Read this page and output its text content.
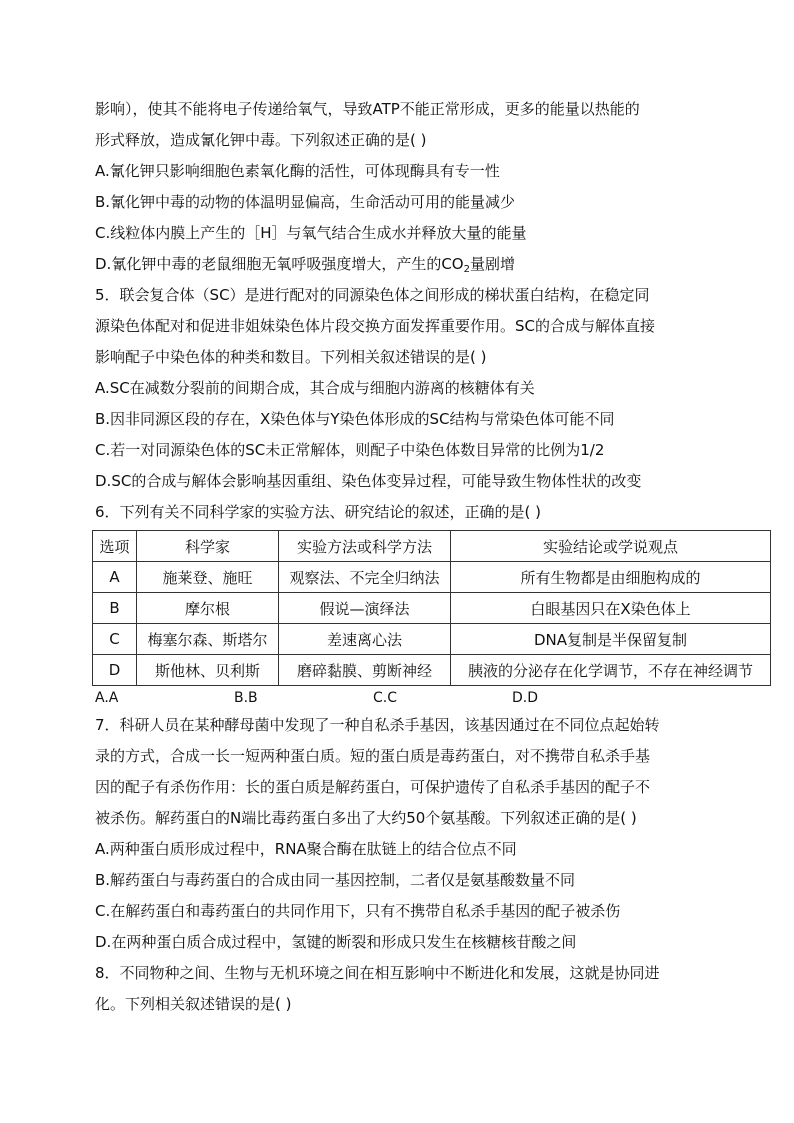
影响），使其不能将电子传递给氧气，导致ATP不能正常形成，更多的能量以热能的
形式释放，造成氰化钾中毒。下列叙述正确的是( )
A.氰化钾只影响细胞色素氧化酶的活性，可体现酶具有专一性
B.氰化钾中毒的动物的体温明显偏高，生命活动可用的能量减少
C.线粒体内膜上产生的［H］与氧气结合生成水并释放大量的能量
D.氰化钾中毒的老鼠细胞无氧呼吸强度增大，产生的$CO_2$量剧增
5．联会复合体（SC）是进行配对的同源染色体之间形成的梯状蛋白结构，在稳定同
源染色体配对和促进非姐妹染色体片段交换方面发挥重要作用。SC的合成与解体直接
影响配子中染色体的种类和数目。下列相关叙述错误的是( )
A.SC在减数分裂前的间期合成，其合成与细胞内游离的核糖体有关
B.因非同源区段的存在，X染色体与Y染色体形成的SC结构与常染色体可能不同
C.若一对同源染色体的SC未正常解体，则配子中染色体数目异常的比例为1/2
D.SC的合成与解体会影响基因重组、染色体变异过程，可能导致生物体性状的改变
6．下列有关不同科学家的实验方法、研究结论的叙述，正确的是( )
选项	科学家	实验方法或科学方法	实验结论或学说观点
A	施莱登、施旺	观察法、不完全归纳法	所有生物都是由细胞构成的
B	摩尔根	假说—演绎法	白眼基因只在X染色体上
C	梅塞尔森、斯塔尔	差速离心法	DNA复制是半保留复制
D	斯他林、贝利斯	磨碎黏膜、剪断神经	胰液的分泌存在化学调节，不存在神经调节
A.A	B.B	C.C	D.D
7．科研人员在某种酵母菌中发现了一种自私杀手基因，该基因通过在不同位点起始转
录的方式，合成一长一短两种蛋白质。短的蛋白质是毒药蛋白，对不携带自私杀手基
因的配子有杀伤作用：长的蛋白质是解药蛋白，可保护遗传了自私杀手基因的配子不
被杀伤。解药蛋白的N端比毒药蛋白多出了大约50个氨基酸。下列叙述正确的是( )
A.两种蛋白质形成过程中，RNA聚合酶在肽链上的结合位点不同
B.解药蛋白与毒药蛋白的合成由同一基因控制，二者仅是氨基酸数量不同
C.在解药蛋白和毒药蛋白的共同作用下，只有不携带自私杀手基因的配子被杀伤
D.在两种蛋白质合成过程中，氢键的断裂和形成只发生在核糖核苷酸之间
8．不同物种之间、生物与无机环境之间在相互影响中不断进化和发展，这就是协同进
化。下列相关叙述错误的是( )
